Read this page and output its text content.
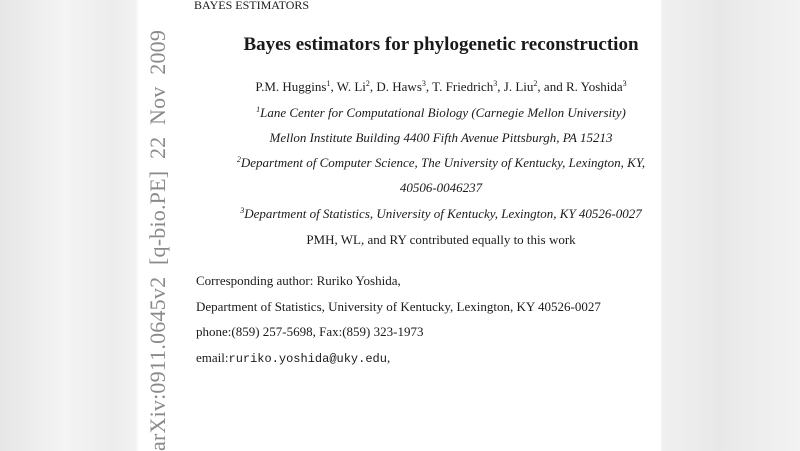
BAYES ESTIMATORS
Bayes estimators for phylogenetic reconstruction
P.M. Huggins$^1$, W. Li$^2$, D. Haws$^3$, T. Friedrich$^3$, J. Liu$^2$, and R. Yoshida$^3$
$^1$Lane Center for Computational Biology (Carnegie Mellon University)
Mellon Institute Building 4400 Fifth Avenue Pittsburgh, PA 15213
$^2$Department of Computer Science, The University of Kentucky, Lexington, KY,
40506-0046237
$^3$Department of Statistics, University of Kentucky, Lexington, KY 40526-0027
PMH, WL, and RY contributed equally to this work
Corresponding author: Ruriko Yoshida,
Department of Statistics, University of Kentucky, Lexington, KY 40526-0027
phone:(859) 257-5698, Fax:(859) 323-1973
email:ruriko.yoshida@uky.edu,
arXiv:0911.0645v2 [q-bio.PE] 22 Nov 2009
